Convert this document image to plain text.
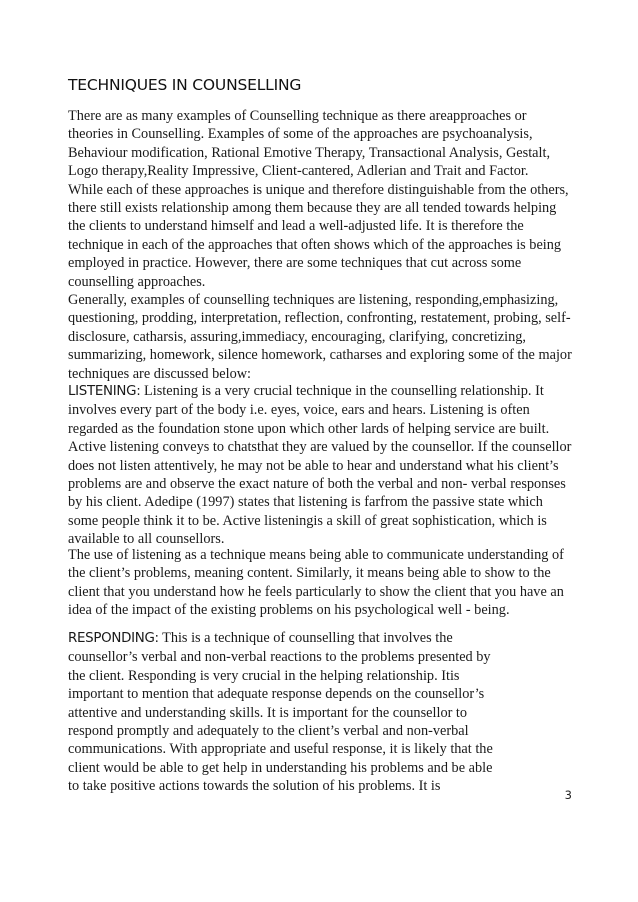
TECHNIQUES IN COUNSELLING
There are as many examples of Counselling technique as there areapproaches or
theories in Counselling. Examples of some of the approaches are psychoanalysis,
Behaviour modification, Rational Emotive Therapy, Transactional Analysis, Gestalt,
Logo therapy,Reality Impressive, Client-cantered, Adlerian and Trait and Factor.
While each of these approaches is unique and therefore distinguishable from the others,
there still exists relationship among them because they are all tended towards helping
the clients to understand himself and lead a well-adjusted life. It is therefore the
technique in each of the approaches that often shows which of the approaches is being
employed in practice. However, there are some techniques that cut across some
counselling approaches.
Generally, examples of counselling techniques are listening, responding,emphasizing,
questioning, prodding, interpretation, reflection, confronting, restatement, probing, self-
disclosure, catharsis, assuring,immediacy, encouraging, clarifying, concretizing,
summarizing, homework, silence homework, catharses and exploring some of the major
techniques are discussed below:
LISTENING: Listening is a very crucial technique in the counselling relationship. It
involves every part of the body i.e. eyes, voice, ears and hears. Listening is often
regarded as the foundation stone upon which other lards of helping service are built.
Active listening conveys to chatsthat they are valued by the counsellor. If the counsellor
does not listen attentively, he may not be able to hear and understand what his client’s
problems are and observe the exact nature of both the verbal and non- verbal responses
by his client. Adedipe (1997) states that listening is farfrom the passive state which
some people think it to be. Active listeningis a skill of great sophistication, which is
available to all counsellors.
The use of listening as a technique means being able to communicate understanding of
the client’s problems, meaning content. Similarly, it means being able to show to the
client that you understand how he feels particularly to show the client that you have an
idea of the impact of the existing problems on his psychological well - being.
RESPONDING: This is a technique of counselling that involves the
counsellor’s verbal and non-verbal reactions to the problems presented by
the client. Responding is very crucial in the helping relationship. Itis
important to mention that adequate response depends on the counsellor’s
attentive and understanding skills. It is important for the counsellor to
respond promptly and adequately to the client’s verbal and non-verbal
communications. With appropriate and useful response, it is likely that the
client would be able to get help in understanding his problems and be able
to take positive actions towards the solution of his problems. It is
3
